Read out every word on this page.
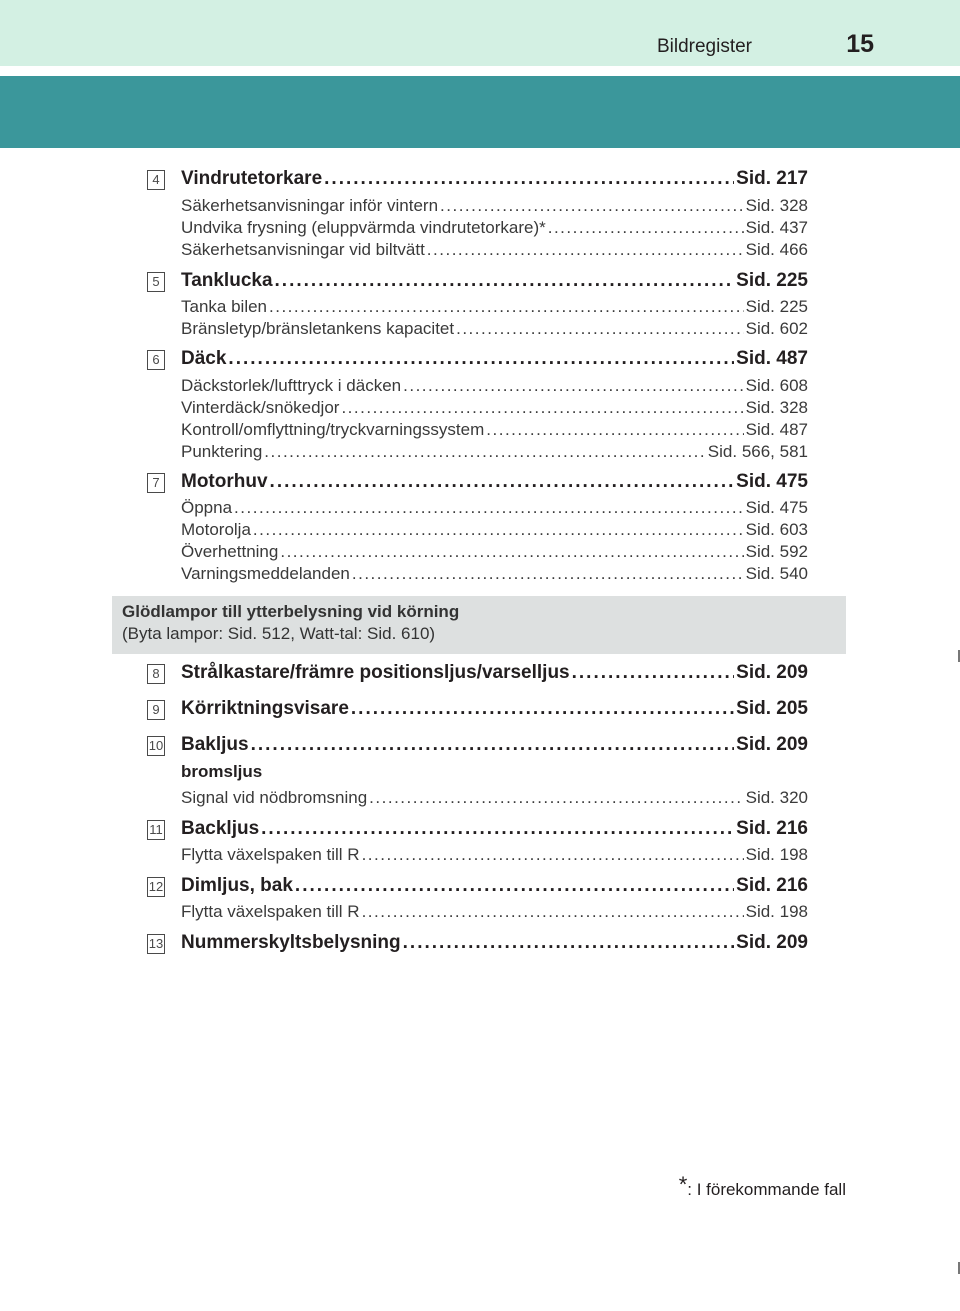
Bildregister	15
4 Vindrutetorkare .....	Sid. 217
Säkerhetsanvisningar inför vintern .....	Sid. 328
Undvika frysning (eluppvärmda vindrutetorkare)* .....	Sid. 437
Säkerhetsanvisningar vid biltvätt .....	Sid. 466
5 Tanklucka .....	Sid. 225
Tanka bilen .....	Sid. 225
Bränsletyp/bränsletankens kapacitet .....	Sid. 602
6 Däck .....	Sid. 487
Däckstorlek/lufttryck i däcken .....	Sid. 608
Vinterdäck/snökedjor .....	Sid. 328
Kontroll/omflyttning/tryckvarningssystem .....	Sid. 487
Punktering .....	Sid. 566, 581
7 Motorhuv .....	Sid. 475
Öppna .....	Sid. 475
Motorolja .....	Sid. 603
Överhettning .....	Sid. 592
Varningsmeddelanden .....	Sid. 540
Glödlampor till ytterbelysning vid körning
(Byta lampor: Sid. 512, Watt-tal: Sid. 610)
8 Strålkastare/främre positionsljus/varselljus .....	Sid. 209
9 Körriktningsvisare .....	Sid. 205
10 Bakljus .....	Sid. 209
bromsljus
Signal vid nödbromsning .....	Sid. 320
11 Backljus .....	Sid. 216
Flytta växelspaken till R .....	Sid. 198
12 Dimljus, bak .....	Sid. 216
Flytta växelspaken till R .....	Sid. 198
13 Nummerskyltsbelysning .....	Sid. 209
*: I förekommande fall
